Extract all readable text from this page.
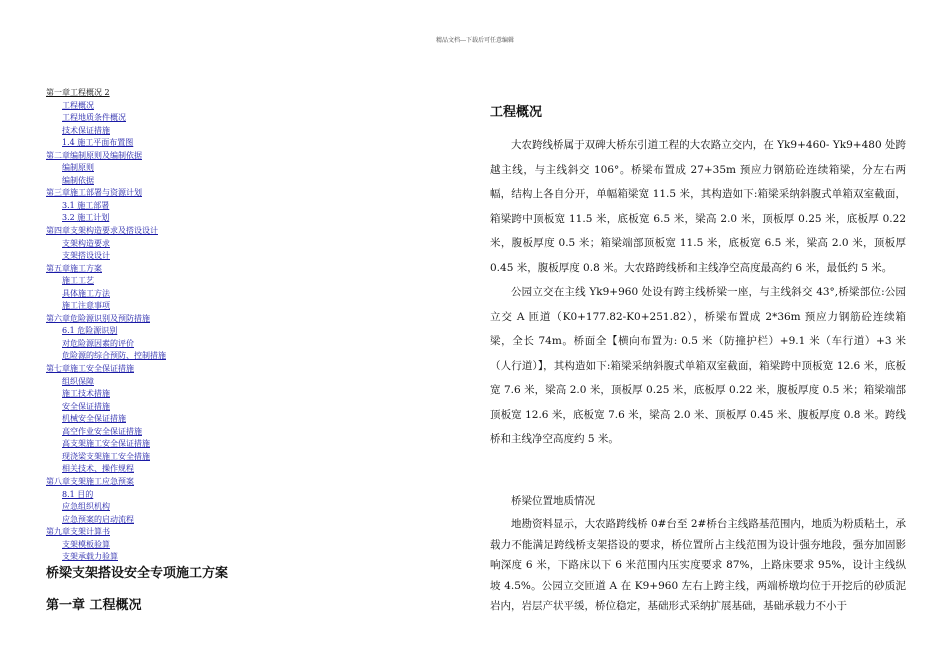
精品文档---下载后可任意编辑
第一章工程概况 2
工程概况
工程地质条件概况
技术保证措施
1.4 施工平面布置图
第二章编制原则及编制依据
编制原则
编制依据
第三章施工部署与资源计划
3.1 施工部署
3.2 施工计划
第四章支架构造要求及搭设设计
支架构造要求
支架搭设设计
第五章施工方案
施工工艺
具体施工方法
施工注意事项
第六章危险源识别及预防措施
6.1 危险源识别
对危险源因素的评价
危险源的综合预防、控制措施
第七章施工安全保证措施
组织保障
施工技术措施
安全保证措施
机械安全保证措施
高空作业安全保证措施
高支架施工安全保证措施
现浇梁支架施工安全措施
相关技术、操作规程
第八章支架施工应急预案
8.1 目的
应急组织机构
应急预案的启动流程
第九章支架计算书
支架模板验算
支架承载力验算
桥梁支架搭设安全专项施工方案
第一章 工程概况
工程概况

大农跨线桥属于双碑大桥东引道工程的大农路立交内，在 Yk9+460- Yk9+480 处跨越主线，与主线斜交 106°。桥梁布置成 27+35m 预应力钢筋砼连续箱梁，分左右两幅，结构上各自分开，单幅箱梁宽 11.5 米，其构造如下:箱梁采纳斜腹式单箱双室截面，箱梁跨中顶板宽 11.5 米，底板宽 6.5 米，梁高 2.0 米，顶板厚 0.25 米，底板厚 0.22 米，腹板厚度 0.5 米；箱梁端部顶板宽 11.5 米，底板宽 6.5 米，梁高 2.0 米，顶板厚 0.45 米，腹板厚度 0.8 米。大农路跨线桥和主线净空高度最高约 6 米，最低约 5 米。

公园立交在主线 Yk9+960 处设有跨主线桥梁一座，与主线斜交 43°,桥梁部位:公园立交 A 匝道（K0+177.82-K0+251.82），桥梁布置成 2*36m 预应力钢筋砼连续箱梁，全长 74m。桥面全【横向布置为: 0.5 米（防撞护栏）+9.1 米（车行道）+3 米（人行道）】，其构造如下:箱梁采纳斜腹式单箱双室截面，箱梁跨中顶板宽 12.6 米，底板宽 7.6 米，梁高 2.0 米，顶板厚 0.25 米，底板厚 0.22 米，腹板厚度 0.5 米；箱梁端部顶板宽 12.6 米，底板宽 7.6 米，梁高 2.0 米、顶板厚 0.45 米、腹板厚度 0.8 米。跨线桥和主线净空高度约 5 米。

桥梁位置地质情况

地勘资料显示，大农路跨线桥 0#台至 2#桥台主线路基范围内，地质为粉质粘土，承载力不能满足跨线桥支架搭设的要求，桥位置所占主线范围为设计强夯地段，强夯加固影响深度 6 米，下路床以下 6 米范围内压实度要求 87%，上路床要求 95%，设计主线纵坡 4.5%。公园立交匝道 A 在 K9+960 左右上跨主线，两端桥墩均位于开挖后的砂质泥岩内，岩层产状平缓，桥位稳定，基础形式采纳扩展基础，基础承载力不小于
